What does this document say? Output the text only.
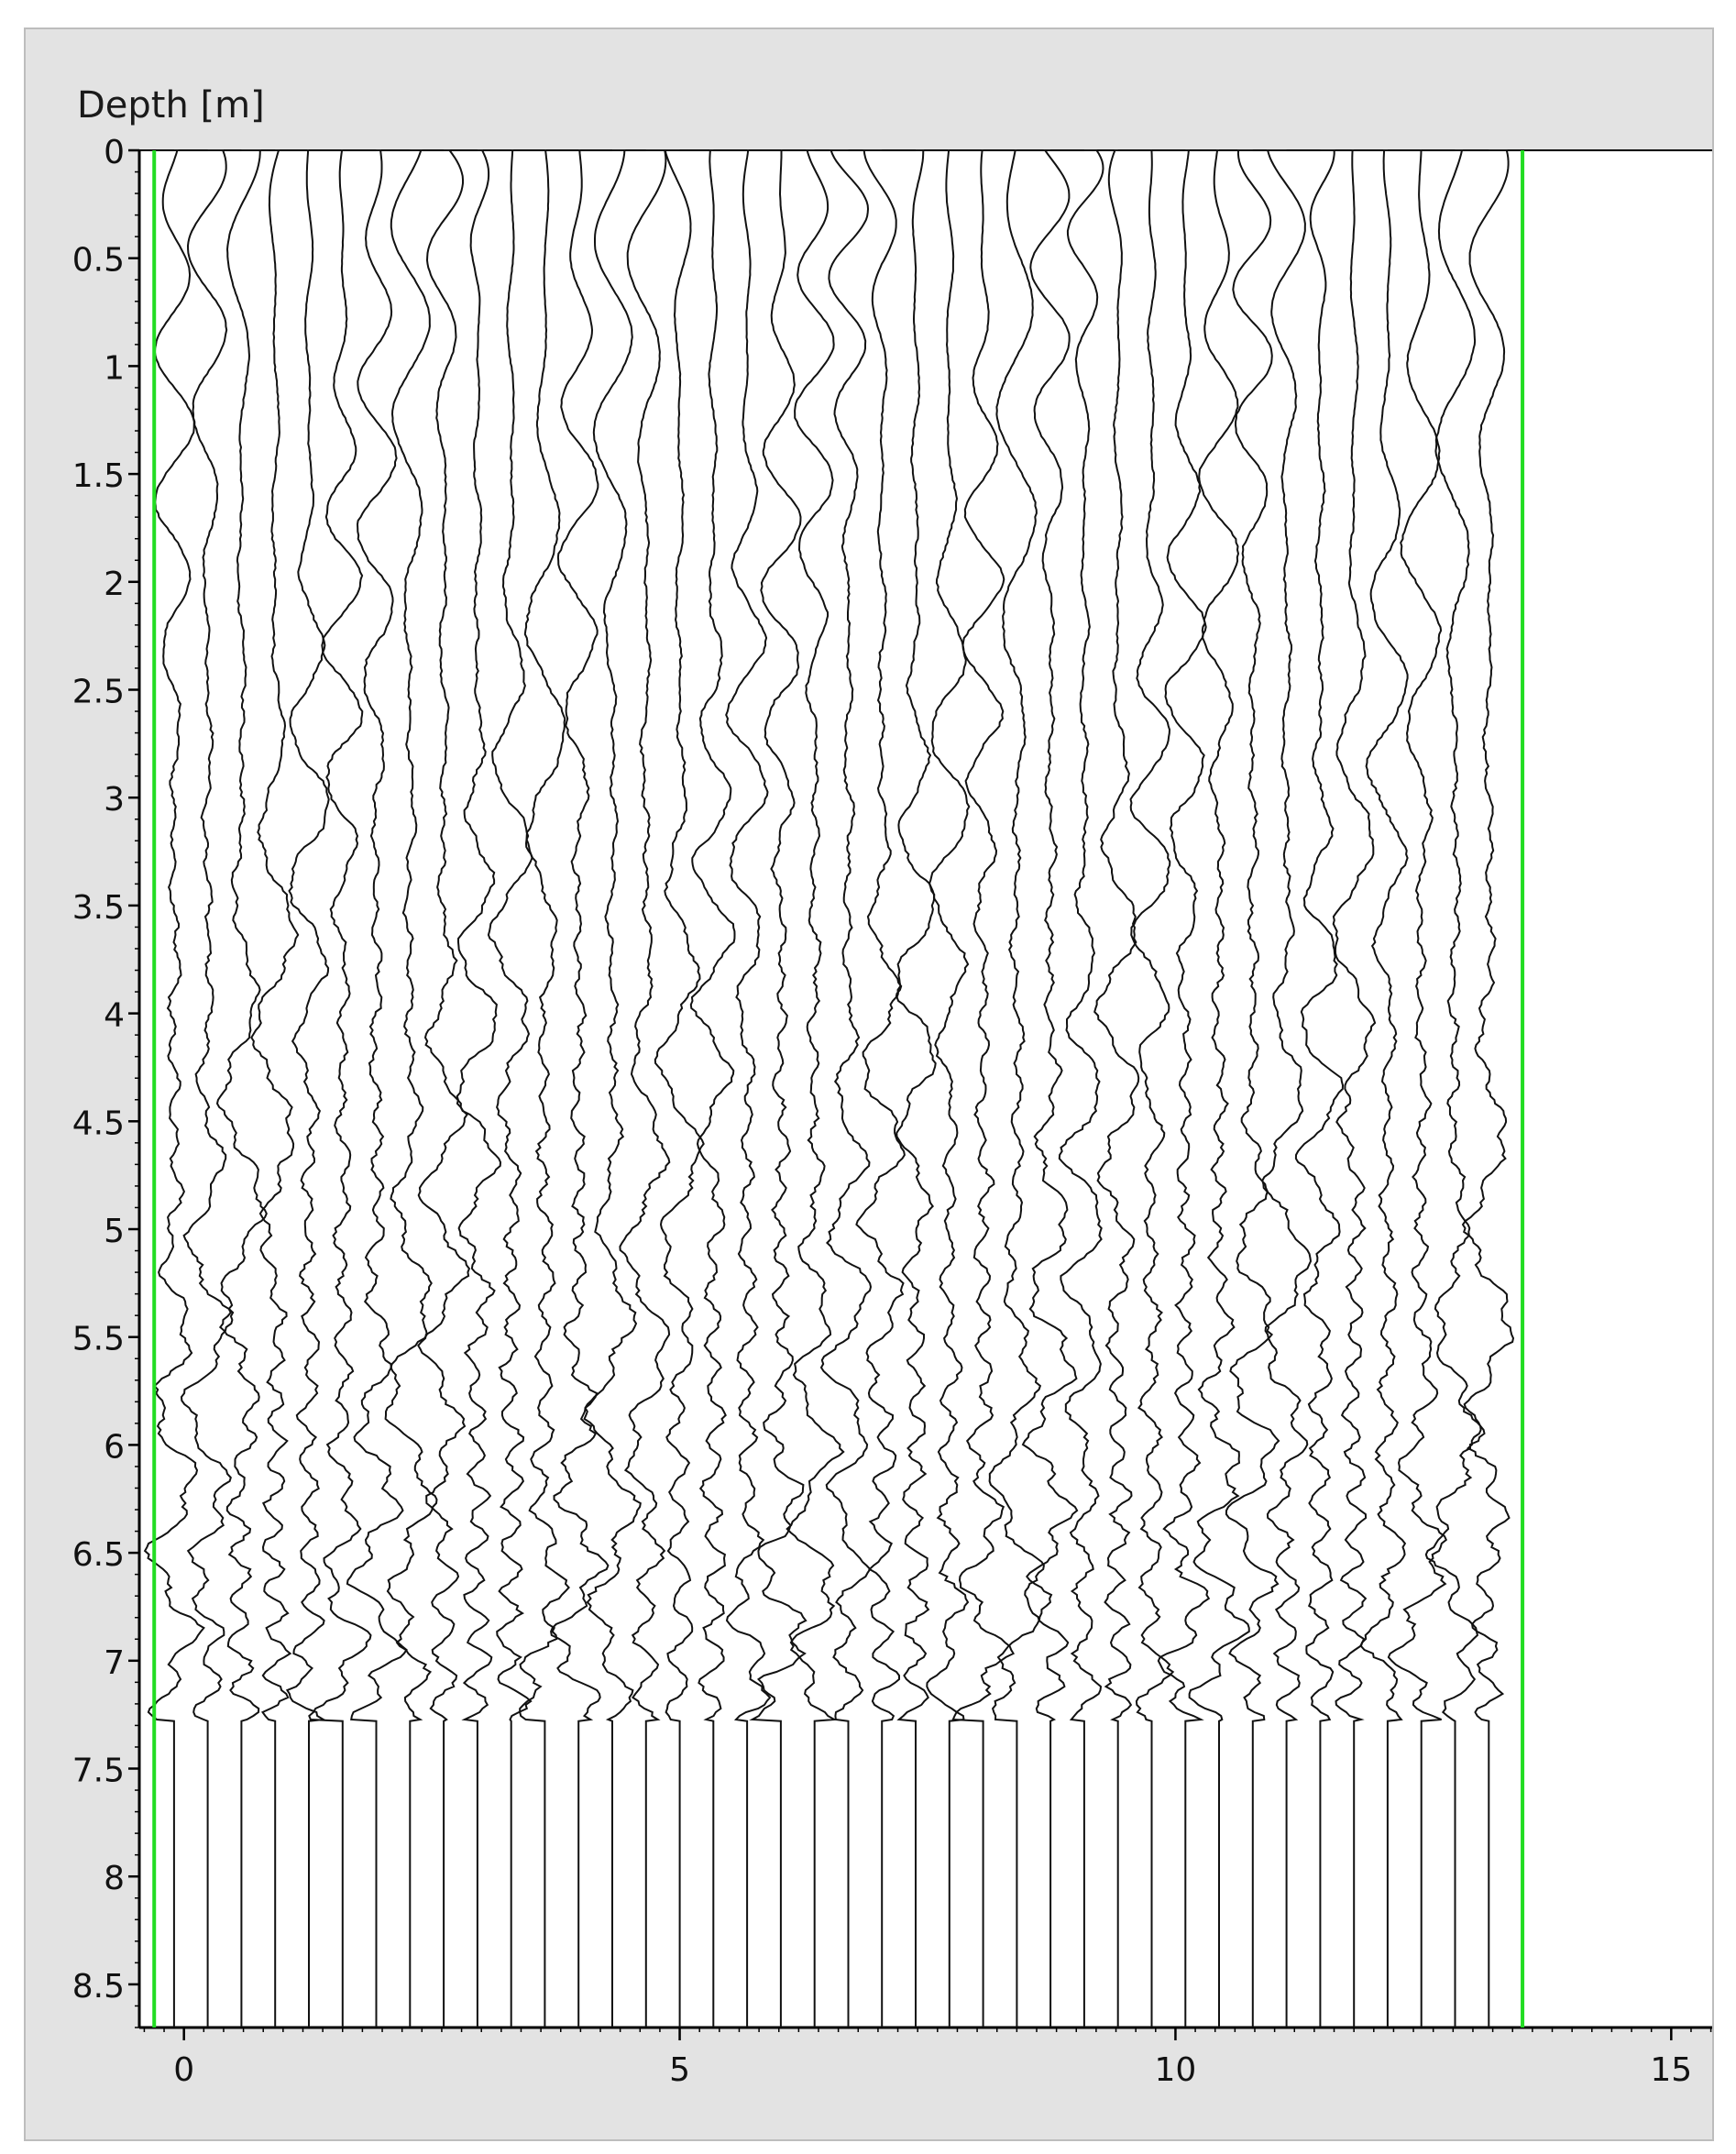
Depth [m]
0
0.5
1
1.5
2
2.5
3
3.5
4
4.5
5
5.5
6
6.5
7
7.5
8
8.5
0	5	10	15
